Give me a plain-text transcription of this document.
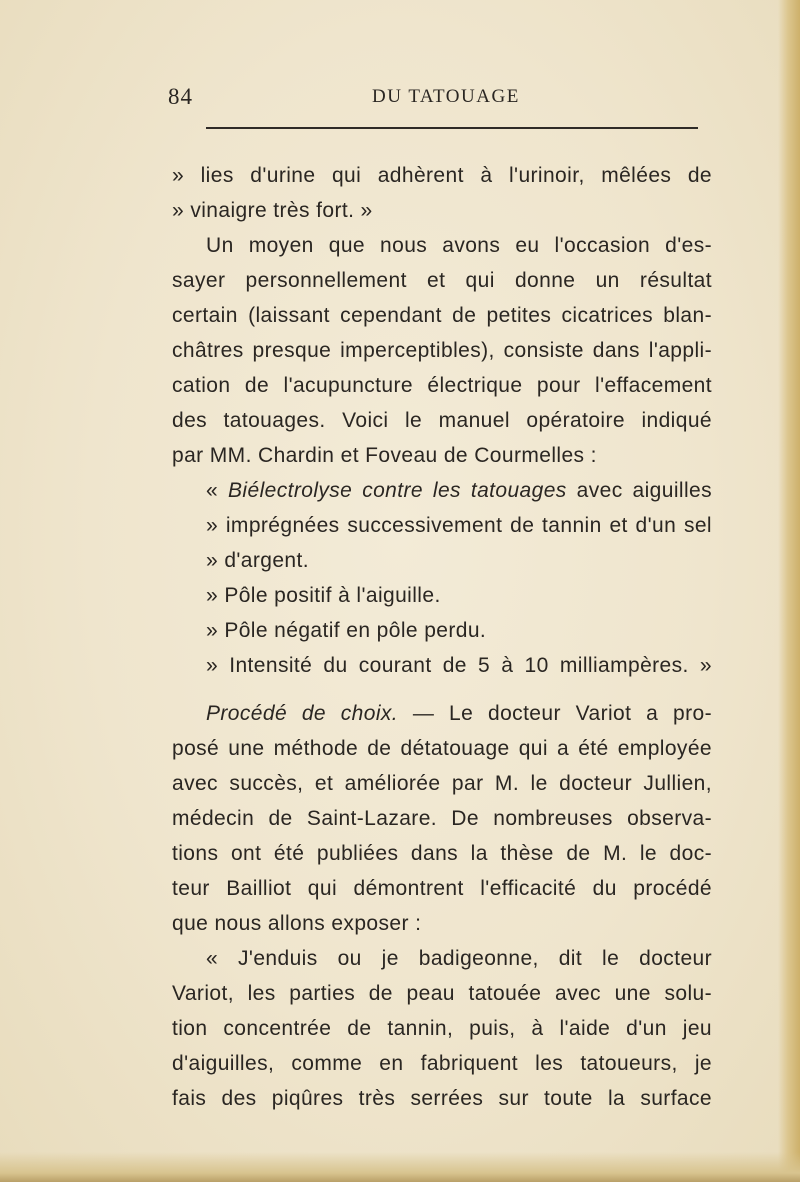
84	DU TATOUAGE
» lies d'urine qui adhèrent à l'urinoir, mêlées de
» vinaigre très fort. »
Un moyen que nous avons eu l'occasion d'es-
sayer personnellement et qui donne un résultat
certain (laissant cependant de petites cicatrices blan-
châtres presque imperceptibles), consiste dans l'appli-
cation de l'acupuncture électrique pour l'effacement
des tatouages. Voici le manuel opératoire indiqué
par MM. Chardin et Foveau de Courmelles :
« Biélectrolyse contre les tatouages avec aiguilles
» imprégnées successivement de tannin et d'un sel
» d'argent.
» Pôle positif à l'aiguille.
» Pôle négatif en pôle perdu.
» Intensité du courant de 5 à 10 milliampères. »
Procédé de choix. — Le docteur Variot a pro-
posé une méthode de détatouage qui a été employée
avec succès, et améliorée par M. le docteur Jullien,
médecin de Saint-Lazare. De nombreuses observa-
tions ont été publiées dans la thèse de M. le doc-
teur Bailliot qui démontrent l'efficacité du procédé
que nous allons exposer :
« J'enduis ou je badigeonne, dit le docteur
Variot, les parties de peau tatouée avec une solu-
tion concentrée de tannin, puis, à l'aide d'un jeu
d'aiguilles, comme en fabriquent les tatoueurs, je
fais des piqûres très serrées sur toute la surface
